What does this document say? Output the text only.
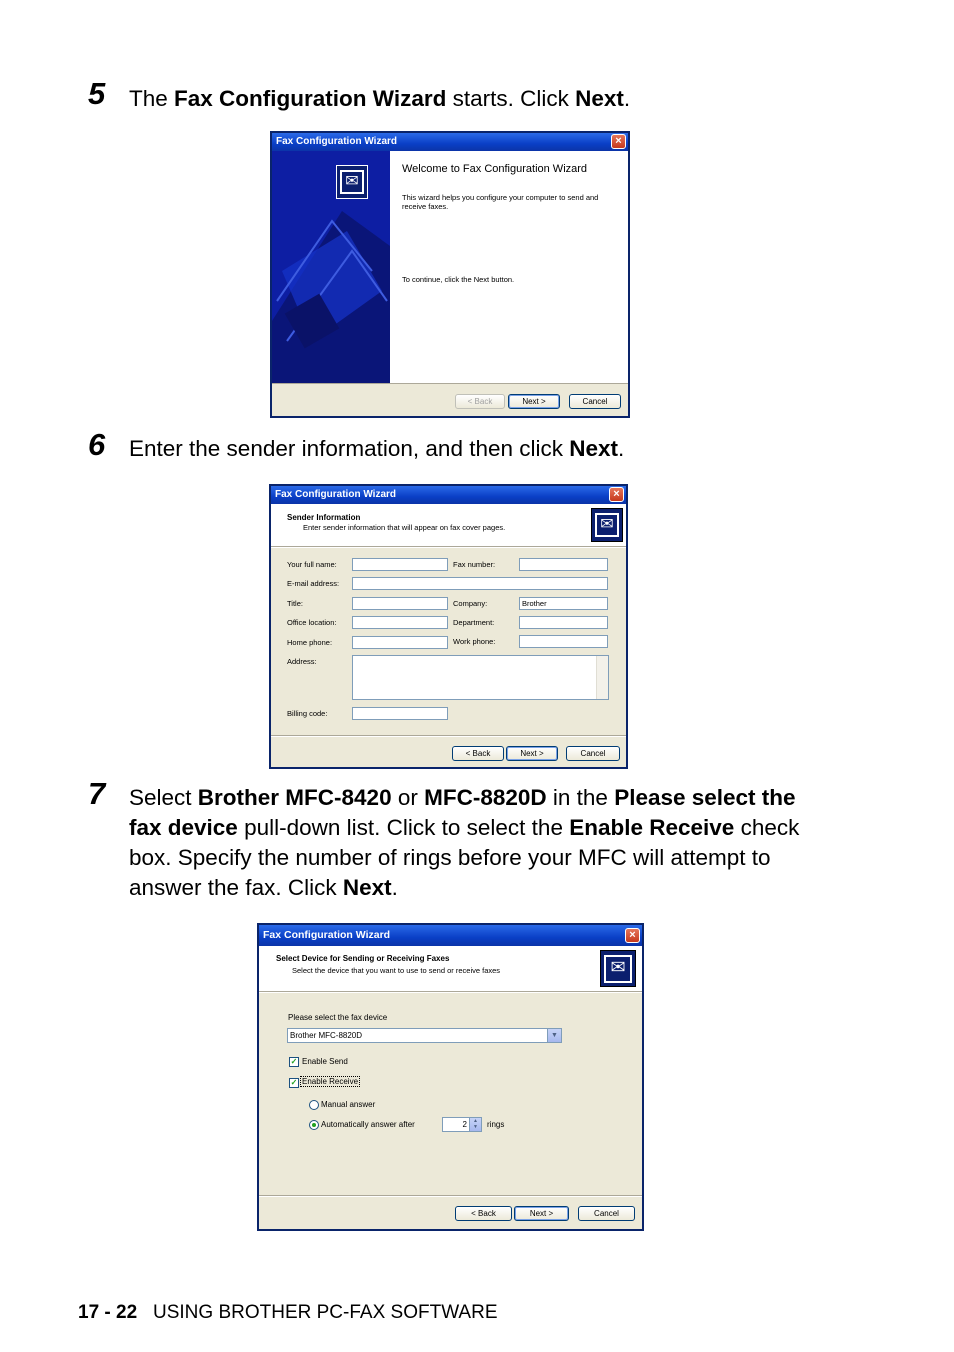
5 The Fax Configuration Wizard starts. Click Next.
Fax Configuration Wizard	×
✉
Welcome to Fax Configuration Wizard
This wizard helps you configure your computer to send and receive faxes.
To continue, click the Next button.
< Back	Next >	Cancel
6 Enter the sender information, and then click Next.
Fax Configuration Wizard	×
Sender Information
Enter sender information that will appear on fax cover pages.	✉
Your full name:	Fax number:
E-mail address:
Title:	Company:	Brother
Office location:	Department:
Home phone:	Work phone:
Address:
Billing code:
< Back	Next >	Cancel
7 Select Brother MFC-8420 or MFC-8820D in the Please select the fax device pull-down list. Click to select the Enable Receive check box. Specify the number of rings before your MFC will attempt to answer the fax. Click Next.
Fax Configuration Wizard	×
Select Device for Sending or Receiving Faxes
Select the device that you want to use to send or receive faxes	✉
Please select the fax device
Brother MFC-8820D	▼
✓ Enable Send
✓ Enable Receive
Manual answer
Automatically answer after	2	▲
▼	rings
< Back	Next >	Cancel
17 - 22 USING BROTHER PC-FAX SOFTWARE
